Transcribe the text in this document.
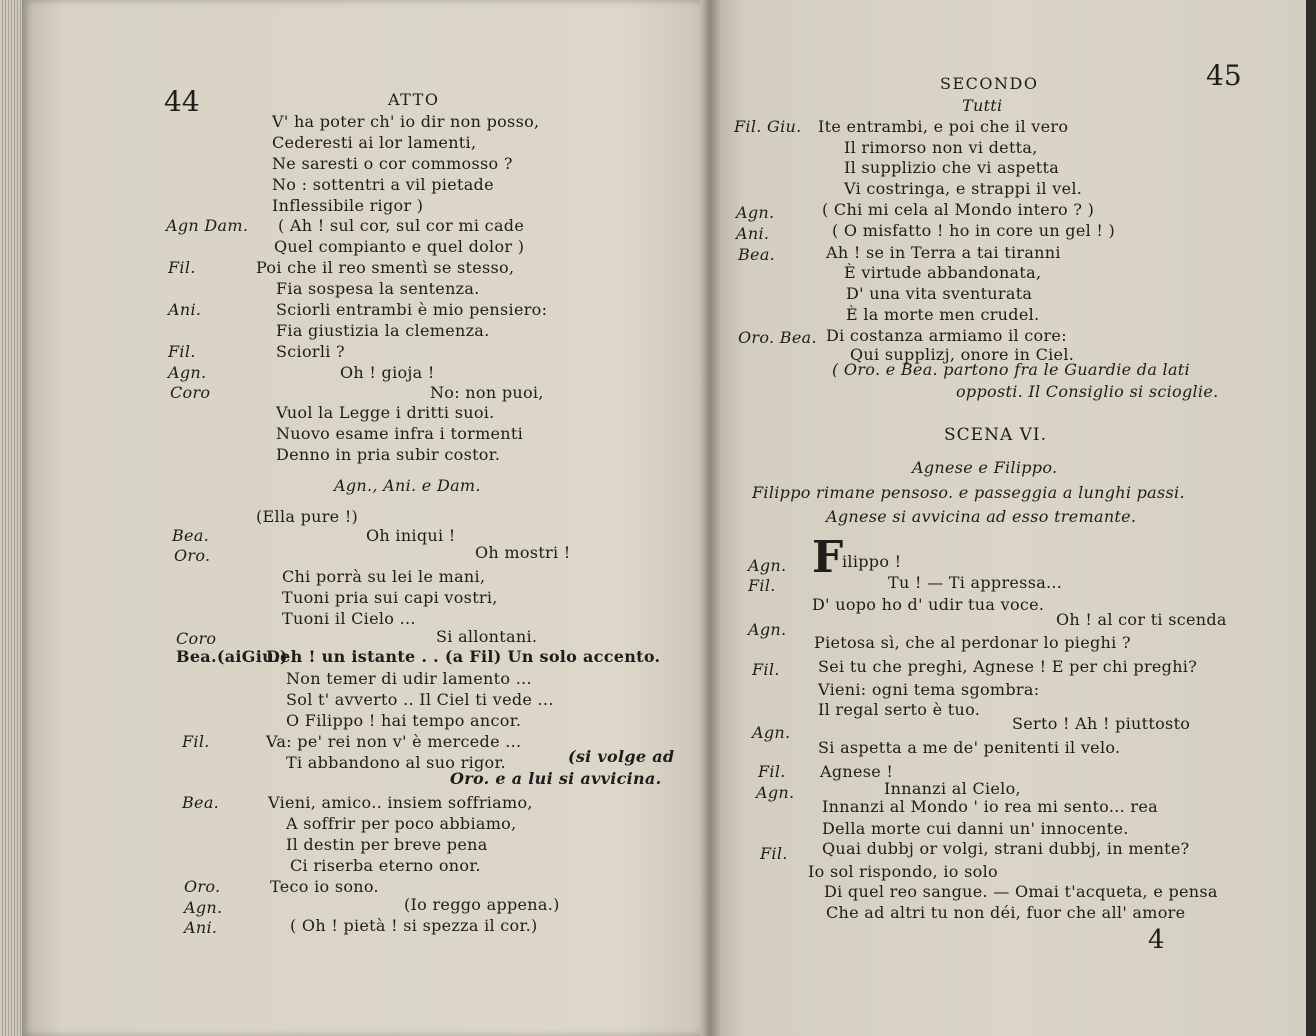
44	ATTO
V' ha poter ch' io dir non posso,
Cederesti ai lor lamenti,
Ne saresti o cor commosso ?
No : sottentri a vil pietade
Inflessibile rigor )
( Ah ! sul cor, sul cor mi cade
Agn Dam.
Quel compianto e quel dolor )
Poi che il reo smentì se stesso,
Fil.
Fia sospesa la sentenza.
Sciorli entrambi è mio pensiero:
Ani.
Fia giustizia la clemenza.
Sciorli ?
Fil.
Oh ! gioja !
Agn.
No: non puoi,
Coro
Vuol la Legge i dritti suoi.
Nuovo esame infra i tormenti
Denno in pria subir costor.
Agn., Ani. e Dam.
(Ella pure !)
Oh iniqui !
Bea.
Oh mostri !
Oro.
Chi porrà su lei le mani,
Tuoni pria sui capi vostri,
Tuoni il Cielo ...
Si allontani.
Coro
Deh ! un istante . . (a Fil) Un solo accento.
Bea.(aiGiu.)
Non temer di udir lamento ...
Sol t' avverto .. Il Ciel ti vede ...
O Filippo ! hai tempo ancor.
Va: pe' rei non v' è mercede ...
Fil.
Ti abbandono al suo rigor.	(si volge ad
Oro. e a lui si avvicina.
Vieni, amico.. insiem soffriamo,
Bea.
A soffrir per poco abbiamo,
Il destin per breve pena
Ci riserba eterno onor.
Teco io sono.
Oro.
(Io reggo appena.)
Agn.
( Oh ! pietà ! si spezza il cor.)
Ani.
SECONDO	45
Tutti
Ite entrambi, e poi che il vero
Fil. Giu.
Il rimorso non vi detta,
Il supplizio che vi aspetta
Vi costringa, e strappi il vel.
( Chi mi cela al Mondo intero ? )
Agn.
( O misfatto ! ho in core un gel ! )
Ani.
Ah ! se in Terra a tai tiranni
Bea.
È virtude abbandonata,
D' una vita sventurata
È la morte men crudel.
Di costanza armiamo il core:
Oro. Bea.
Qui supplizj, onore in Ciel.
( Oro. e Bea. partono fra le Guardie da lati
opposti. Il Consiglio si scioglie.
SCENA VI.
Agnese e Filippo.
Filippo rimane pensoso. e passeggia a lunghi passi.
Agnese si avvicina ad esso tremante.
F
ilippo !
Agn.
Tu ! — Ti appressa...
Fil.
D' uopo ho d' udir tua voce.
Oh ! al cor ti scenda
Agn.
Pietosa sì, che al perdonar lo pieghi ?
Sei tu che preghi, Agnese ! E per chi preghi?
Fil.
Vieni: ogni tema sgombra:
Il regal serto è tuo.
Serto ! Ah ! piuttosto
Agn.
Si aspetta a me de' penitenti il velo.
Agnese !
Fil.
Innanzi al Cielo,
Agn.
Innanzi al Mondo ' io rea mi sento... rea
Della morte cui danni un' innocente.
Quai dubbj or volgi, strani dubbj, in mente?
Fil.
Io sol rispondo, io solo
Di quel reo sangue. — Omai t'acqueta, e pensa
Che ad altri tu non déi, fuor che all' amore
4
